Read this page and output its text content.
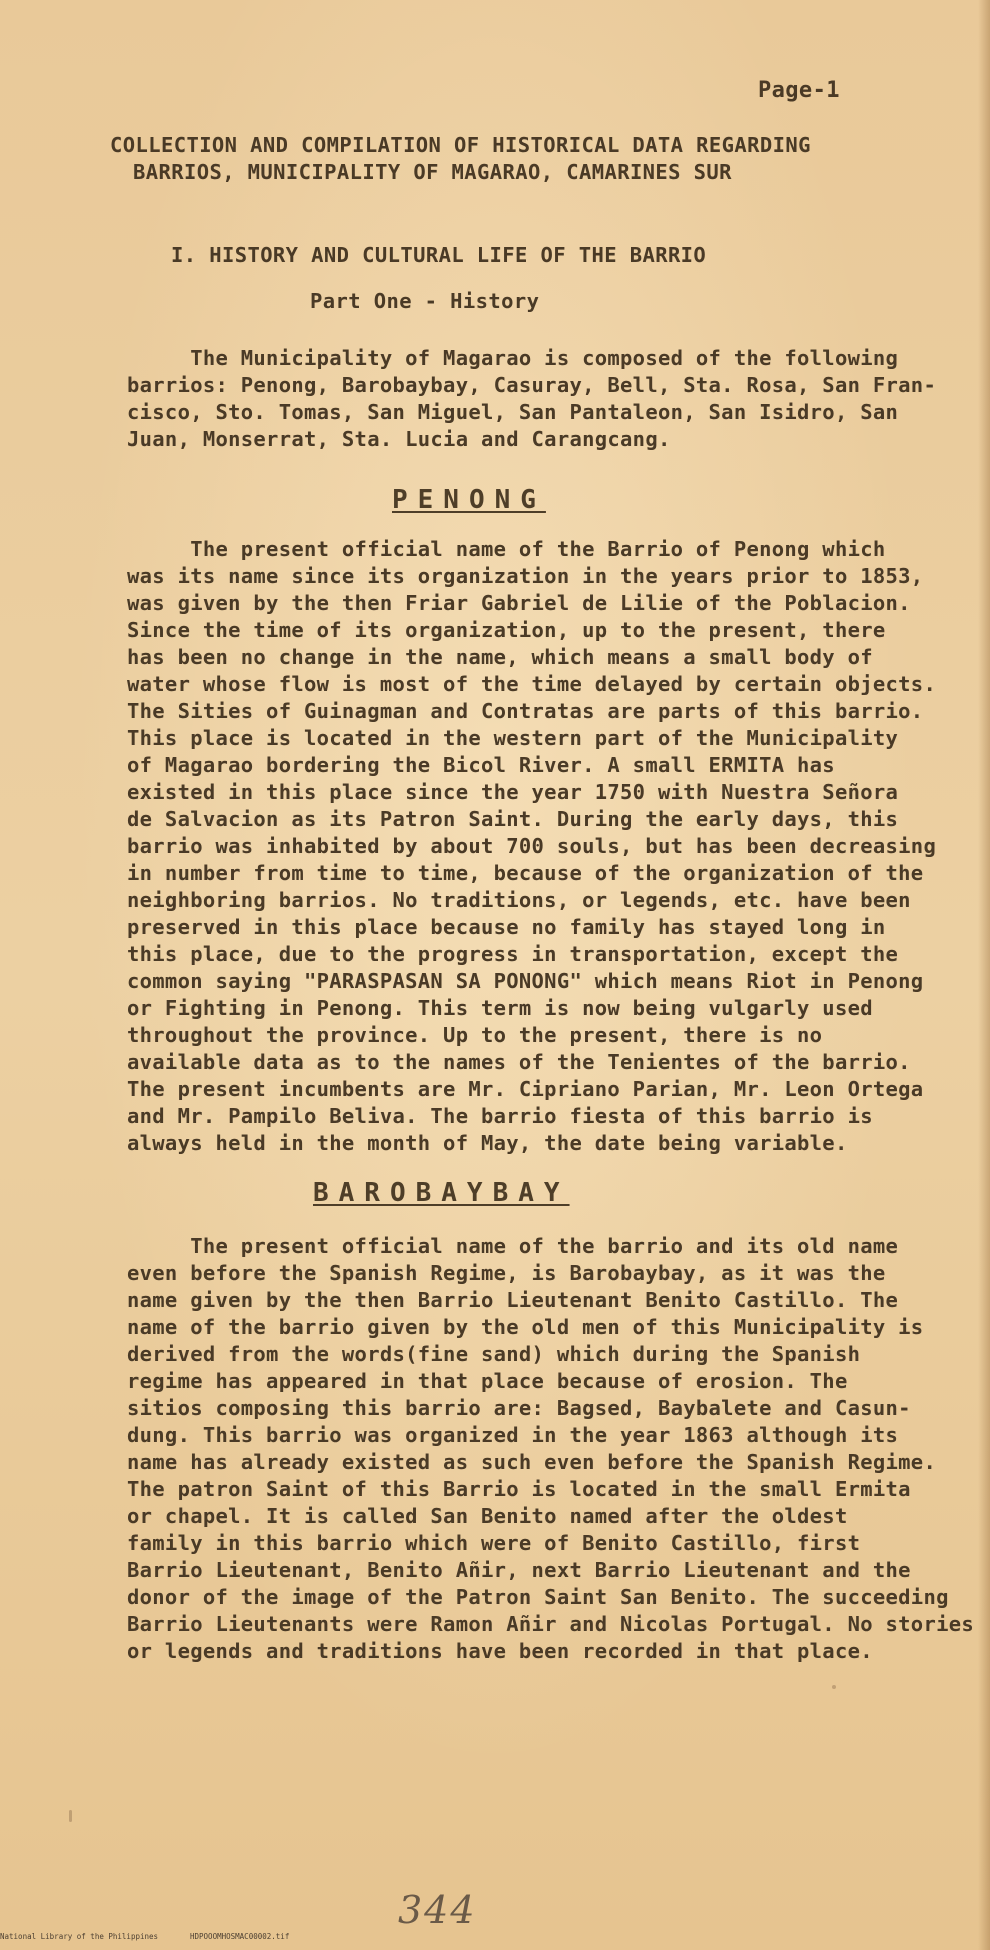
Page-1
COLLECTION AND COMPILATION OF HISTORICAL DATA REGARDING
BARRIOS, MUNICIPALITY OF MAGARAO, CAMARINES SUR
I. HISTORY AND CULTURAL LIFE OF THE BARRIO
Part One - History
The Municipality of Magarao is composed of the following
barrios: Penong, Barobaybay, Casuray, Bell, Sta. Rosa, San Fran-
cisco, Sto. Tomas, San Miguel, San Pantaleon, San Isidro, San
Juan, Monserrat, Sta. Lucia and Carangcang.
PENONG
The present official name of the Barrio of Penong which
was its name since its organization in the years prior to 1853,
was given by the then Friar Gabriel de Lilie of the Poblacion.
Since the time of its organization, up to the present, there
has been no change in the name, which means a small body of
water whose flow is most of the time delayed by certain objects.
The Sities of Guinagman and Contratas are parts of this barrio.
This place is located in the western part of the Municipality
of Magarao bordering the Bicol River. A small ERMITA has
existed in this place since the year 1750 with Nuestra Señora
de Salvacion as its Patron Saint. During the early days, this
barrio was inhabited by about 700 souls, but has been decreasing
in number from time to time, because of the organization of the
neighboring barrios. No traditions, or legends, etc. have been
preserved in this place because no family has stayed long in
this place, due to the progress in transportation, except the
common saying "PARASPASAN SA PONONG" which means Riot in Penong
or Fighting in Penong. This term is now being vulgarly used
throughout the province. Up to the present, there is no
available data as to the names of the Tenientes of the barrio.
The present incumbents are Mr. Cipriano Parian, Mr. Leon Ortega
and Mr. Pampilo Beliva. The barrio fiesta of this barrio is
always held in the month of May, the date being variable.
BAROBAYBAY
The present official name of the barrio and its old name
even before the Spanish Regime, is Barobaybay, as it was the
name given by the then Barrio Lieutenant Benito Castillo. The
name of the barrio given by the old men of this Municipality is
derived from the words(fine sand) which during the Spanish
regime has appeared in that place because of erosion. The
sitios composing this barrio are: Bagsed, Baybalete and Casun-
dung. This barrio was organized in the year 1863 although its
name has already existed as such even before the Spanish Regime.
The patron Saint of this Barrio is located in the small Ermita
or chapel. It is called San Benito named after the oldest
family in this barrio which were of Benito Castillo, first
Barrio Lieutenant, Benito Añir, next Barrio Lieutenant and the
donor of the image of the Patron Saint San Benito. The succeeding
Barrio Lieutenants were Ramon Añir and Nicolas Portugal. No stories
or legends and traditions have been recorded in that place.
344
National Library of the Philippines	HDPOOOMHOSMAC00002.tif
